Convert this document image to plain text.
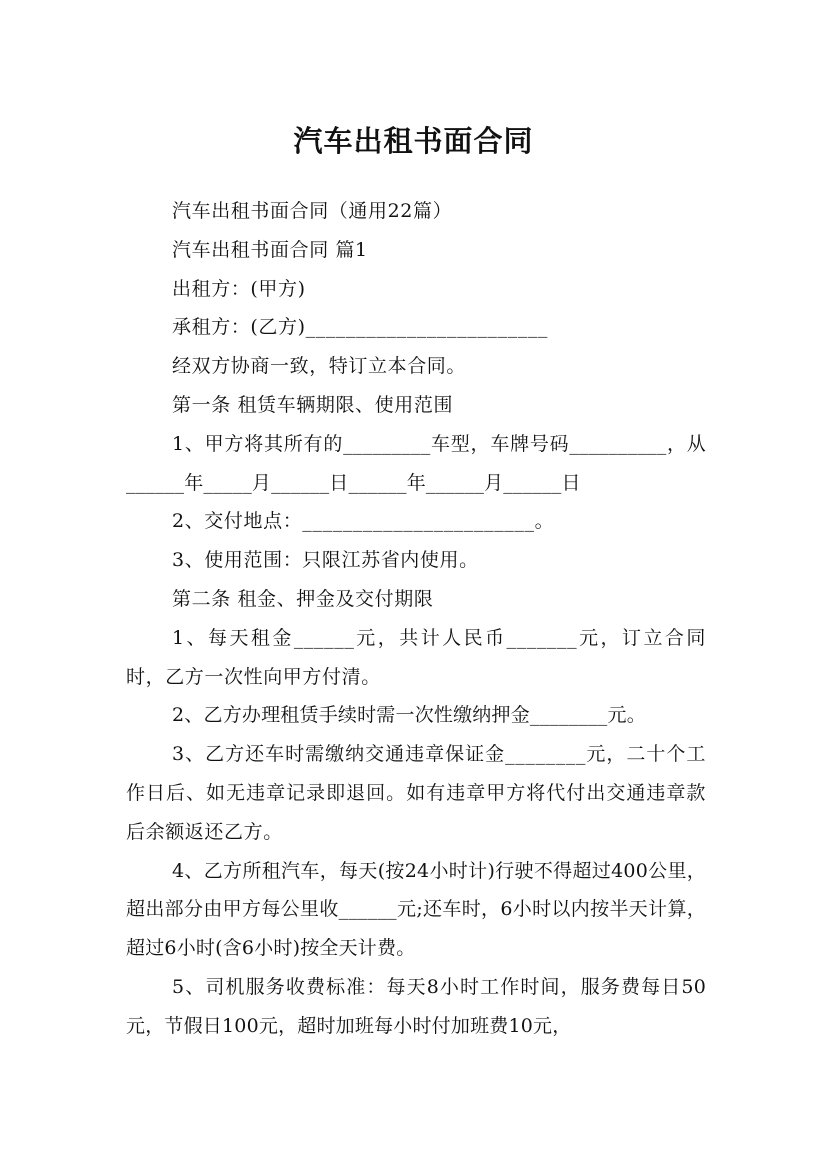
汽车出租书面合同

汽车出租书面合同（通用22篇）

汽车出租书面合同 篇1

出租方：(甲方)

承租方：(乙方)________________________

经双方协商一致，特订立本合同。

第一条 租赁车辆期限、使用范围

1、甲方将其所有的_________车型，车牌号码__________，从______年_____月______日______年______月______日

2、交付地点：_______________________。

3、使用范围：只限江苏省内使用。

第二条 租金、押金及交付期限

1、每天租金______元，共计人民币_______元，订立合同时，乙方一次性向甲方付清。

2、乙方办理租赁手续时需一次性缴纳押金________元。

3、乙方还车时需缴纳交通违章保证金________元，二十个工作日后、如无违章记录即退回。如有违章甲方将代付出交通违章款后余额返还乙方。

4、乙方所租汽车，每天(按24小时计)行驶不得超过400公里，超出部分由甲方每公里收______元;还车时，6小时以内按半天计算，超过6小时(含6小时)按全天计费。

5、司机服务收费标准：每天8小时工作时间，服务费每日50元，节假日100元，超时加班每小时付加班费10元，
